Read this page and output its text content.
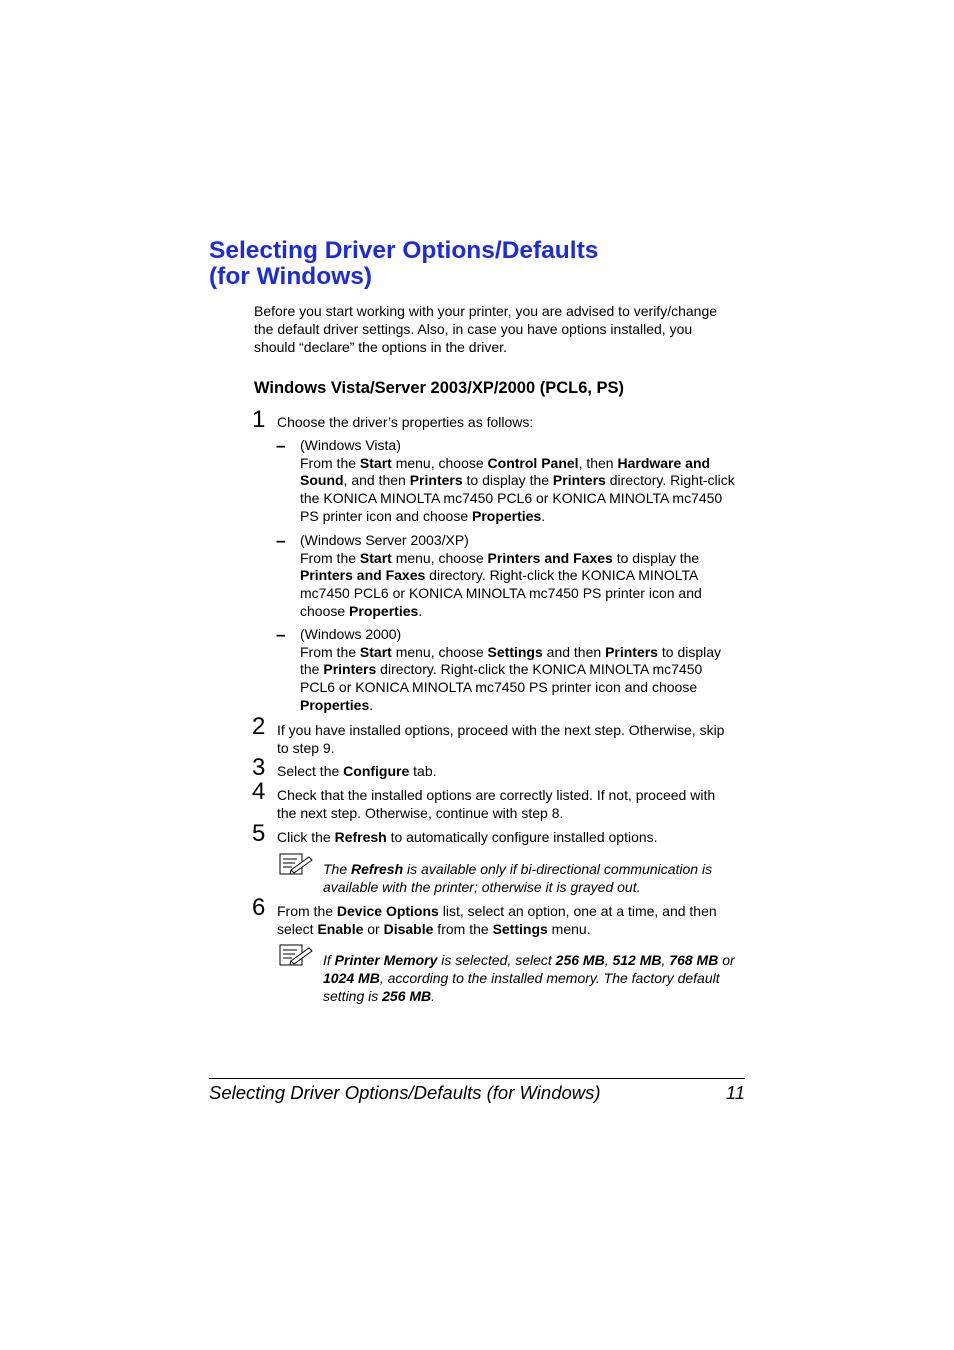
Selecting Driver Options/Defaults
(for Windows)

Before you start working with your printer, you are advised to verify/change
the default driver settings. Also, in case you have options installed, you
should “declare” the options in the driver.

Windows Vista/Server 2003/XP/2000 (PCL6, PS)
1 Choose the driver’s properties as follows:

– (Windows Vista)
From the Start menu, choose Control Panel, then Hardware and
Sound, and then Printers to display the Printers directory. Right-click
the KONICA MINOLTA mc7450 PCL6 or KONICA MINOLTA mc7450
PS printer icon and choose Properties.

– (Windows Server 2003/XP)
From the Start menu, choose Printers and Faxes to display the
Printers and Faxes directory. Right-click the KONICA MINOLTA
mc7450 PCL6 or KONICA MINOLTA mc7450 PS printer icon and
choose Properties.

– (Windows 2000)
From the Start menu, choose Settings and then Printers to display
the Printers directory. Right-click the KONICA MINOLTA mc7450
PCL6 or KONICA MINOLTA mc7450 PS printer icon and choose
Properties.

2 If you have installed options, proceed with the next step. Otherwise, skip
to step 9.

3 Select the Configure tab.

4 Check that the installed options are correctly listed. If not, proceed with
the next step. Otherwise, continue with step 8.

5 Click the Refresh to automatically configure installed options.

The Refresh is available only if bi-directional communication is
available with the printer; otherwise it is grayed out.

6 From the Device Options list, select an option, one at a time, and then
select Enable or Disable from the Settings menu.

If Printer Memory is selected, select 256 MB, 512 MB, 768 MB or
1024 MB, according to the installed memory. The factory default
setting is 256 MB.

Selecting Driver Options/Defaults (for Windows)	11
